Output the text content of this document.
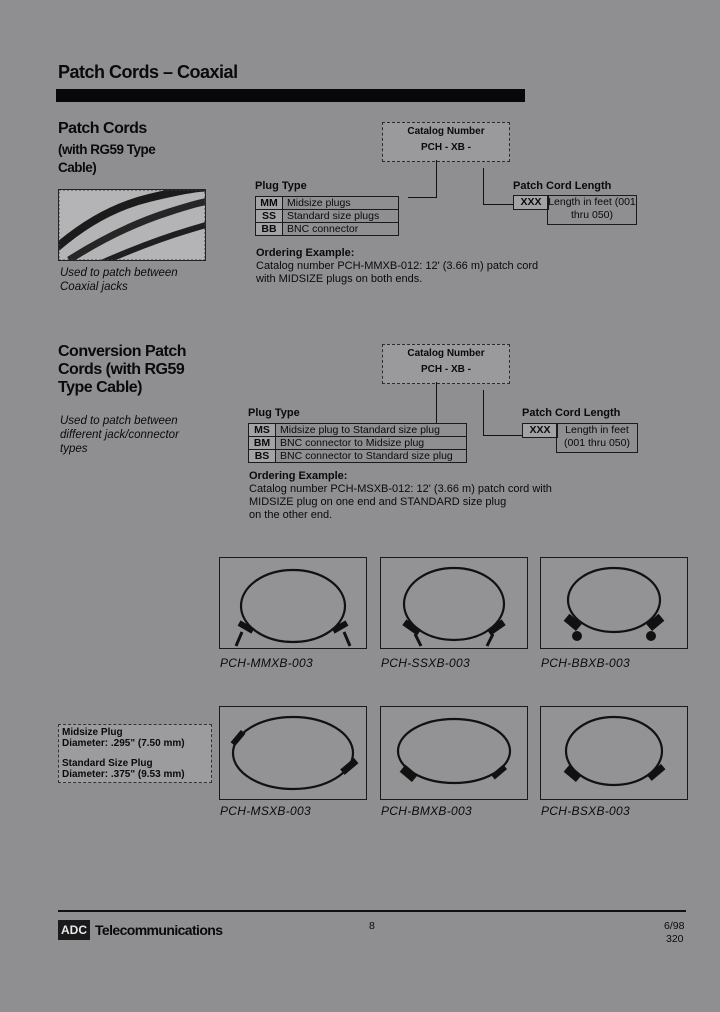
Patch Cords – Coaxial
Patch Cords
(with RG59 Type Cable)
Used to patch between Coaxial jacks
Catalog Number
PCH - XB -
Plug Type
MM	Midsize plugs
SS	Standard size plugs
BB	BNC connector
Patch Cord Length
XXX Length in feet (001 thru 050)
Ordering Example:
Catalog number PCH-MMXB-012: 12' (3.66 m) patch cord
with MIDSIZE plugs on both ends.
Conversion Patch Cords (with RG59 Type Cable)
Used to patch between different jack/connector types
Catalog Number
PCH - XB -
Plug Type
MS	Midsize plug to Standard size plug
BM	BNC connector to Midsize plug
BS	BNC connector to Standard size plug
Patch Cord Length
XXX	Length in feet (001 thru 050)
Ordering Example:
Catalog number PCH-MSXB-012: 12' (3.66 m) patch cord with
MIDSIZE plug on one end and STANDARD size plug
on the other end.
PCH-MMXB-003	PCH-SSXB-003	PCH-BBXB-003
Midsize Plug
Diameter: .295" (7.50 mm)
Standard Size Plug
Diameter: .375" (9.53 mm)
PCH-MSXB-003	PCH-BMXB-003	PCH-BSXB-003
ADC Telecommunications	8	6/98
320
